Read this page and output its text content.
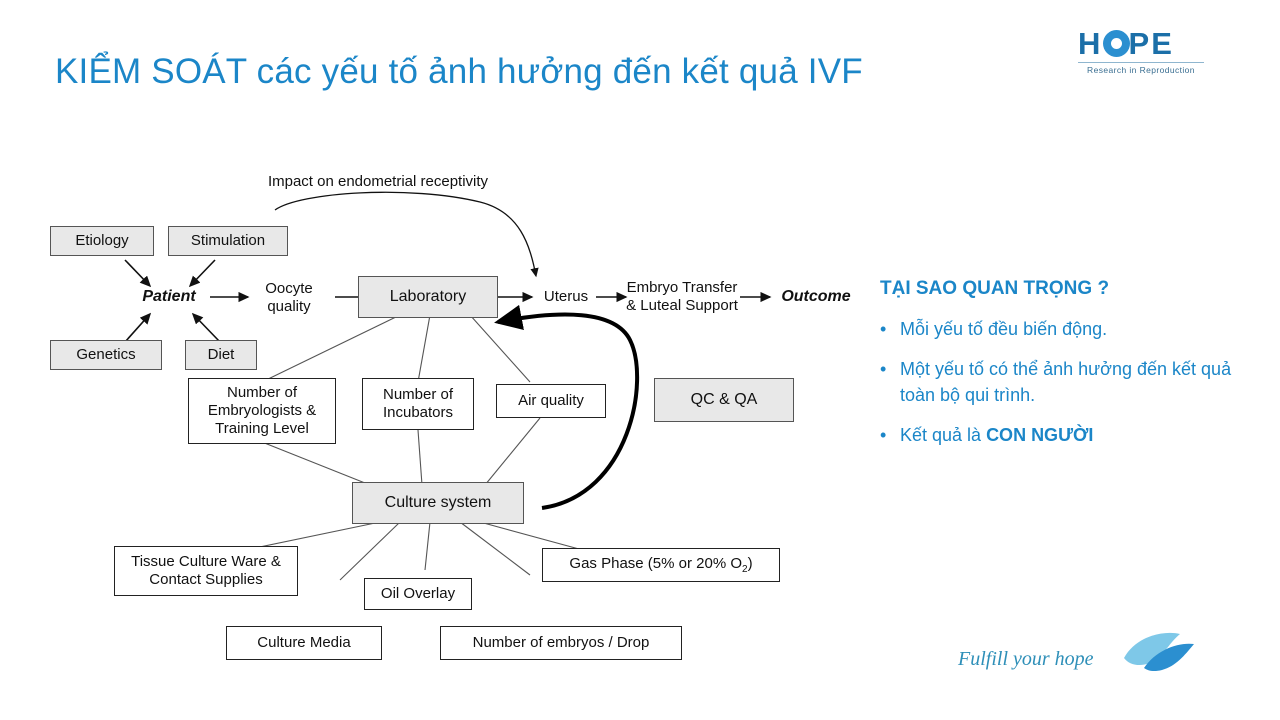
KIỂM SOÁT các yếu tố ảnh hưởng đến kết quả IVF
H PE
Research in Reproduction
Impact on endometrial receptivity
Etiology	Stimulation
Genetics	Diet
Patient	Oocyte quality
Laboratory	Uterus
Embryo Transfer & Luteal Support
Outcome
Number of Embryologists & Training Level
Number of Incubators
Air quality	QC & QA
Culture system
Tissue Culture Ware & Contact Supplies
Oil Overlay
Gas Phase (5% or 20% $O_2$)
Culture Media	Number of embryos / Drop
TẠI SAO QUAN TRỌNG ?
• Mỗi yếu tố đều biến động.
• Một yếu tố có thể ảnh hưởng đến kết quả toàn bộ qui trình.
• Kết quả là CON NGƯỜI
Fulfill your hope
